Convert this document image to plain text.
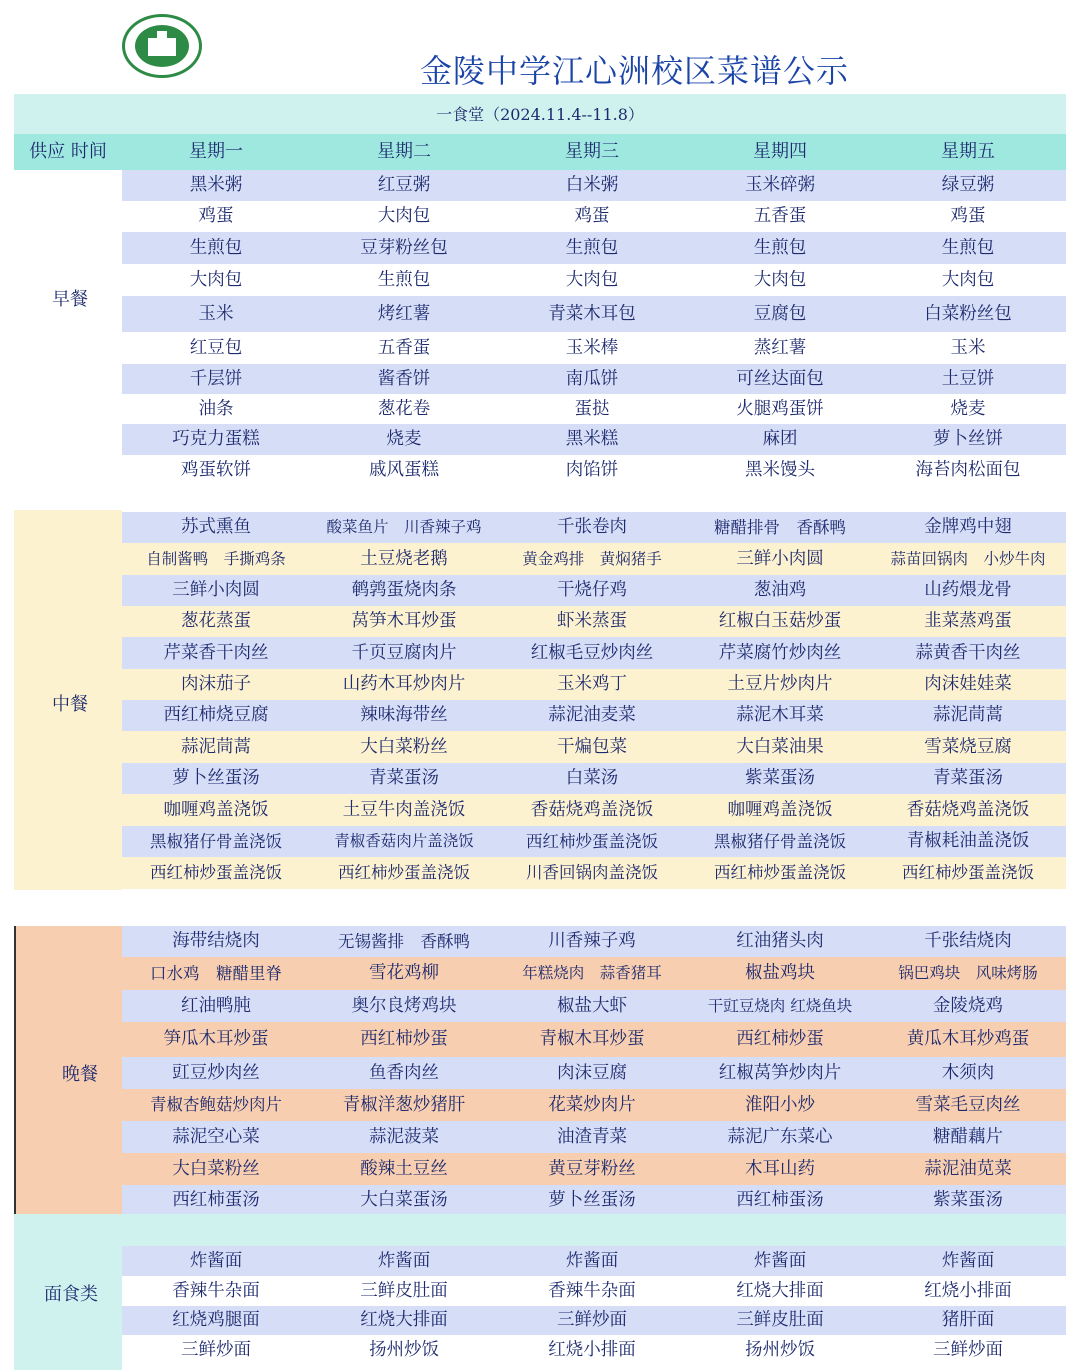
金陵中学江心洲校区菜谱公示
一食堂（2024.11.4--11.8）
供应 时间	星期一	星期二	星期三	星期四	星期五
早餐
黑米粥	红豆粥	白米粥	玉米碎粥	绿豆粥
鸡蛋	大肉包	鸡蛋	五香蛋	鸡蛋
生煎包	豆芽粉丝包	生煎包	生煎包	生煎包
大肉包	生煎包	大肉包	大肉包	大肉包
玉米	烤红薯	青菜木耳包	豆腐包	白菜粉丝包
红豆包	五香蛋	玉米棒	蒸红薯	玉米
千层饼	酱香饼	南瓜饼	可丝达面包	土豆饼
油条	葱花卷	蛋挞	火腿鸡蛋饼	烧麦
巧克力蛋糕	烧麦	黑米糕	麻团	萝卜丝饼
鸡蛋软饼	戚风蛋糕	肉馅饼	黑米馒头	海苔肉松面包
中餐
苏式熏鱼	酸菜鱼片　川香辣子鸡	千张卷肉	糖醋排骨　香酥鸭	金牌鸡中翅
自制酱鸭　手撕鸡条	土豆烧老鹅	黄金鸡排　黄焖猪手	三鲜小肉圆	蒜苗回锅肉　小炒牛肉
三鲜小肉圆	鹌鹑蛋烧肉条	干烧仔鸡	葱油鸡	山药煨龙骨
葱花蒸蛋	莴笋木耳炒蛋	虾米蒸蛋	红椒白玉菇炒蛋	韭菜蒸鸡蛋
芹菜香干肉丝	千页豆腐肉片	红椒毛豆炒肉丝	芹菜腐竹炒肉丝	蒜黄香干肉丝
肉沫茄子	山药木耳炒肉片	玉米鸡丁	土豆片炒肉片	肉沫娃娃菜
西红柿烧豆腐	辣味海带丝	蒜泥油麦菜	蒜泥木耳菜	蒜泥茼蒿
蒜泥茼蒿	大白菜粉丝	干煸包菜	大白菜油果	雪菜烧豆腐
萝卜丝蛋汤	青菜蛋汤	白菜汤	紫菜蛋汤	青菜蛋汤
咖喱鸡盖浇饭	土豆牛肉盖浇饭	香菇烧鸡盖浇饭	咖喱鸡盖浇饭	香菇烧鸡盖浇饭
黑椒猪仔骨盖浇饭	青椒香菇肉片盖浇饭	西红柿炒蛋盖浇饭	黑椒猪仔骨盖浇饭	青椒耗油盖浇饭
西红柿炒蛋盖浇饭	西红柿炒蛋盖浇饭	川香回锅肉盖浇饭	西红柿炒蛋盖浇饭	西红柿炒蛋盖浇饭
晚餐
海带结烧肉	无锡酱排　香酥鸭	川香辣子鸡	红油猪头肉	千张结烧肉
口水鸡　糖醋里脊	雪花鸡柳	年糕烧肉　蒜香猪耳	椒盐鸡块	锅巴鸡块　风味烤肠
红油鸭肫	奥尔良烤鸡块	椒盐大虾	干豇豆烧肉 红烧鱼块	金陵烧鸡
笋瓜木耳炒蛋	西红柿炒蛋	青椒木耳炒蛋	西红柿炒蛋	黄瓜木耳炒鸡蛋
豇豆炒肉丝	鱼香肉丝	肉沫豆腐	红椒莴笋炒肉片	木须肉
青椒杏鲍菇炒肉片	青椒洋葱炒猪肝	花菜炒肉片	淮阳小炒	雪菜毛豆肉丝
蒜泥空心菜	蒜泥菠菜	油渣青菜	蒜泥广东菜心	糖醋藕片
大白菜粉丝	酸辣土豆丝	黄豆芽粉丝	木耳山药	蒜泥油苋菜
西红柿蛋汤	大白菜蛋汤	萝卜丝蛋汤	西红柿蛋汤	紫菜蛋汤
面食类
炸酱面	炸酱面	炸酱面	炸酱面	炸酱面
香辣牛杂面	三鲜皮肚面	香辣牛杂面	红烧大排面	红烧小排面
红烧鸡腿面	红烧大排面	三鲜炒面	三鲜皮肚面	猪肝面
三鲜炒面	扬州炒饭	红烧小排面	扬州炒饭	三鲜炒面
